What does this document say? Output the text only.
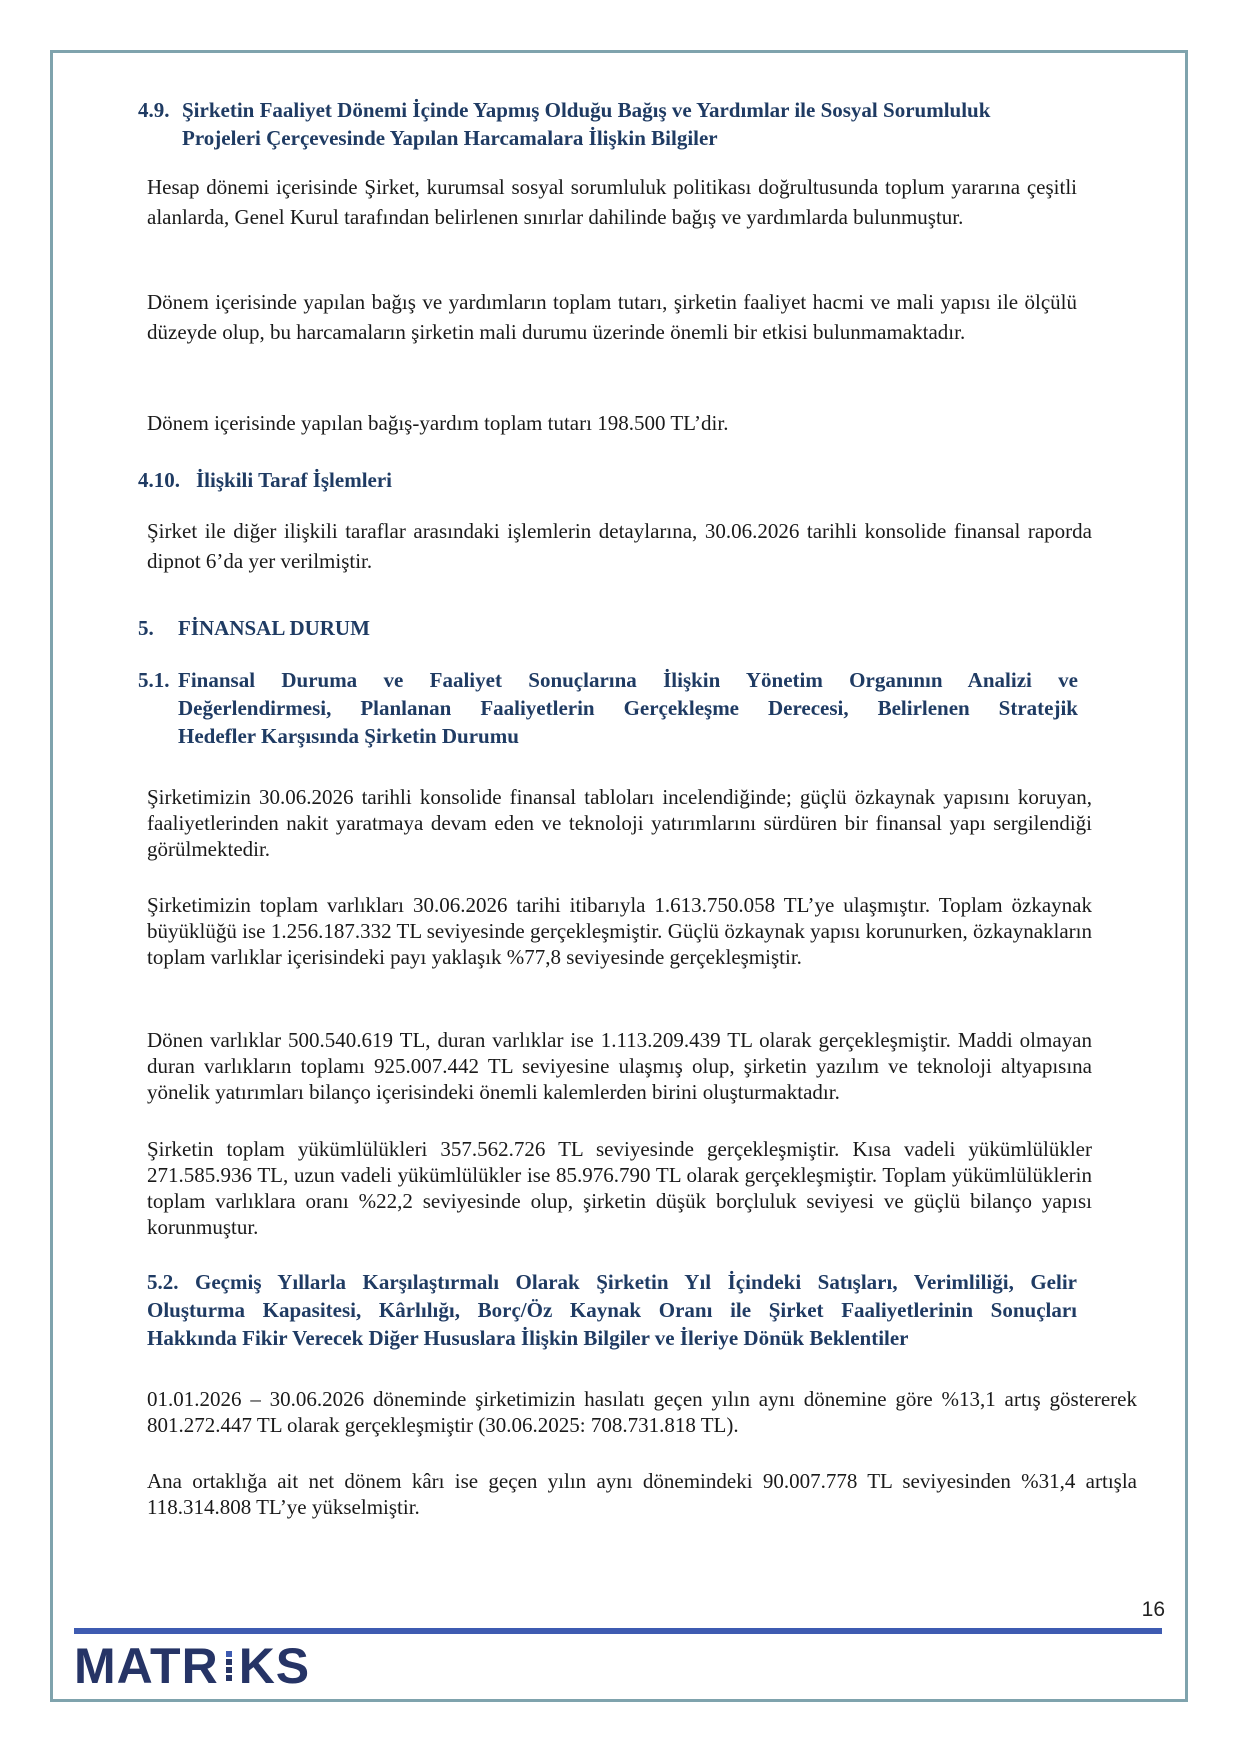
4.9. Şirketin Faaliyet Dönemi İçinde Yapmış Olduğu Bağış ve Yardımlar ile Sosyal Sorumluluk
Projeleri Çerçevesinde Yapılan Harcamalara İlişkin Bilgiler

Hesap dönemi içerisinde Şirket, kurumsal sosyal sorumluluk politikası doğrultusunda toplum yararına çeşitli alanlarda, Genel Kurul tarafından belirlenen sınırlar dahilinde bağış ve yardımlarda bulunmuştur.

Dönem içerisinde yapılan bağış ve yardımların toplam tutarı, şirketin faaliyet hacmi ve mali yapısı ile ölçülü düzeyde olup, bu harcamaların şirketin mali durumu üzerinde önemli bir etkisi bulunmamaktadır.

Dönem içerisinde yapılan bağış-yardım toplam tutarı 198.500 TL’dir.

4.10. İlişkili Taraf İşlemleri

Şirket ile diğer ilişkili taraflar arasındaki işlemlerin detaylarına, 30.06.2026 tarihli konsolide finansal raporda dipnot 6’da yer verilmiştir.

5.	FİNANSAL DURUM
5.1. Finansal Duruma ve Faaliyet Sonuçlarına İlişkin Yönetim Organının Analizi ve
Değerlendirmesi, Planlanan Faaliyetlerin Gerçekleşme Derecesi, Belirlenen Stratejik
Hedefler Karşısında Şirketin Durumu

Şirketimizin 30.06.2026 tarihli konsolide finansal tabloları incelendiğinde; güçlü özkaynak yapısını koruyan, faaliyetlerinden nakit yaratmaya devam eden ve teknoloji yatırımlarını sürdüren bir finansal yapı sergilendiği görülmektedir.

Şirketimizin toplam varlıkları 30.06.2026 tarihi itibarıyla 1.613.750.058 TL’ye ulaşmıştır. Toplam özkaynak büyüklüğü ise 1.256.187.332 TL seviyesinde gerçekleşmiştir. Güçlü özkaynak yapısı korunurken, özkaynakların toplam varlıklar içerisindeki payı yaklaşık %77,8 seviyesinde gerçekleşmiştir.

Dönen varlıklar 500.540.619 TL, duran varlıklar ise 1.113.209.439 TL olarak gerçekleşmiştir. Maddi olmayan duran varlıkların toplamı 925.007.442 TL seviyesine ulaşmış olup, şirketin yazılım ve teknoloji altyapısına yönelik yatırımları bilanço içerisindeki önemli kalemlerden birini oluşturmaktadır.

Şirketin toplam yükümlülükleri 357.562.726 TL seviyesinde gerçekleşmiştir. Kısa vadeli yükümlülükler 271.585.936 TL, uzun vadeli yükümlülükler ise 85.976.790 TL olarak gerçekleşmiştir. Toplam yükümlülüklerin toplam varlıklara oranı %22,2 seviyesinde olup, şirketin düşük borçluluk seviyesi ve güçlü bilanço yapısı korunmuştur.

5.2. Geçmiş Yıllarla Karşılaştırmalı Olarak Şirketin Yıl İçindeki Satışları, Verimliliği, Gelir
Oluşturma Kapasitesi, Kârlılığı, Borç/Öz Kaynak Oranı ile Şirket Faaliyetlerinin Sonuçları
Hakkında Fikir Verecek Diğer Hususlara İlişkin Bilgiler ve İleriye Dönük Beklentiler

01.01.2026 – 30.06.2026 döneminde şirketimizin hasılatı geçen yılın aynı dönemine göre %13,1 artış göstererek 801.272.447 TL olarak gerçekleşmiştir (30.06.2025: 708.731.818 TL).

Ana ortaklığa ait net dönem kârı ise geçen yılın aynı dönemindeki 90.007.778 TL seviyesinden %31,4 artışla 118.314.808 TL’ye yükselmiştir.

16
MATR KS
